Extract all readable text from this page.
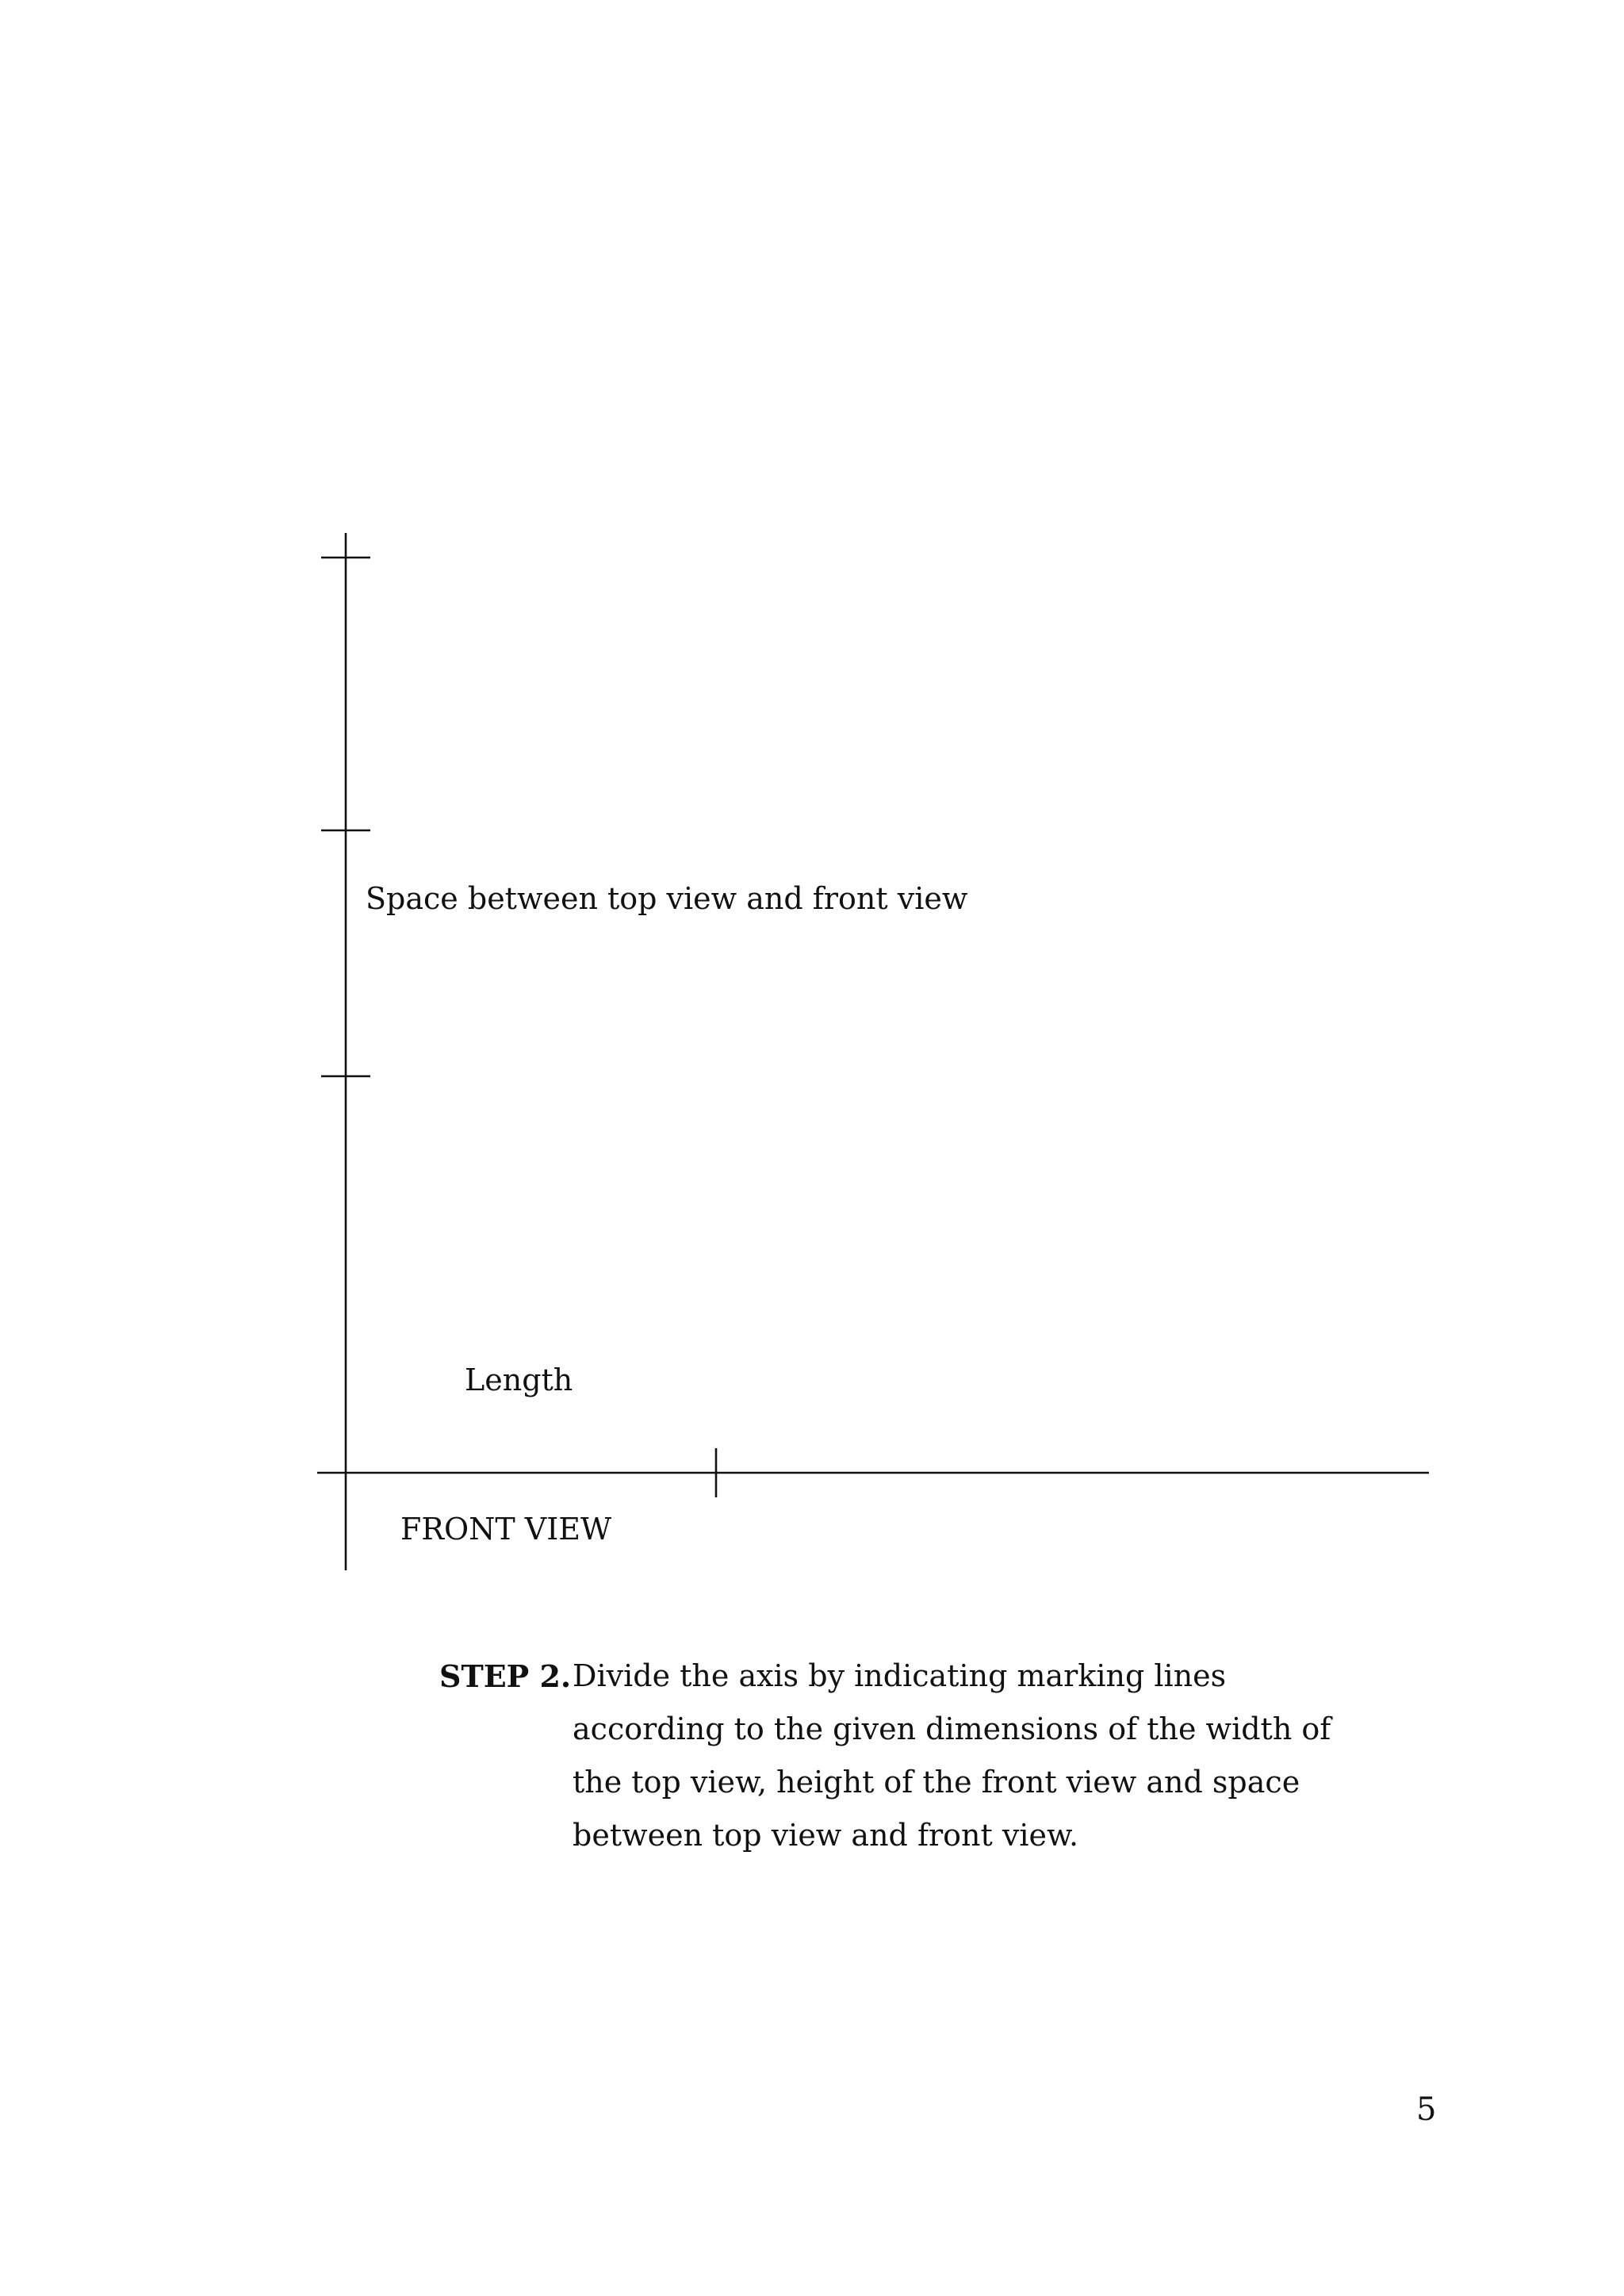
Space between top view and front view
Length
FRONT VIEW
STEP 2. Divide the axis by indicating marking lines
according to the given dimensions of the width of
the top view, height of the front view and space
between top view and front view.
5
